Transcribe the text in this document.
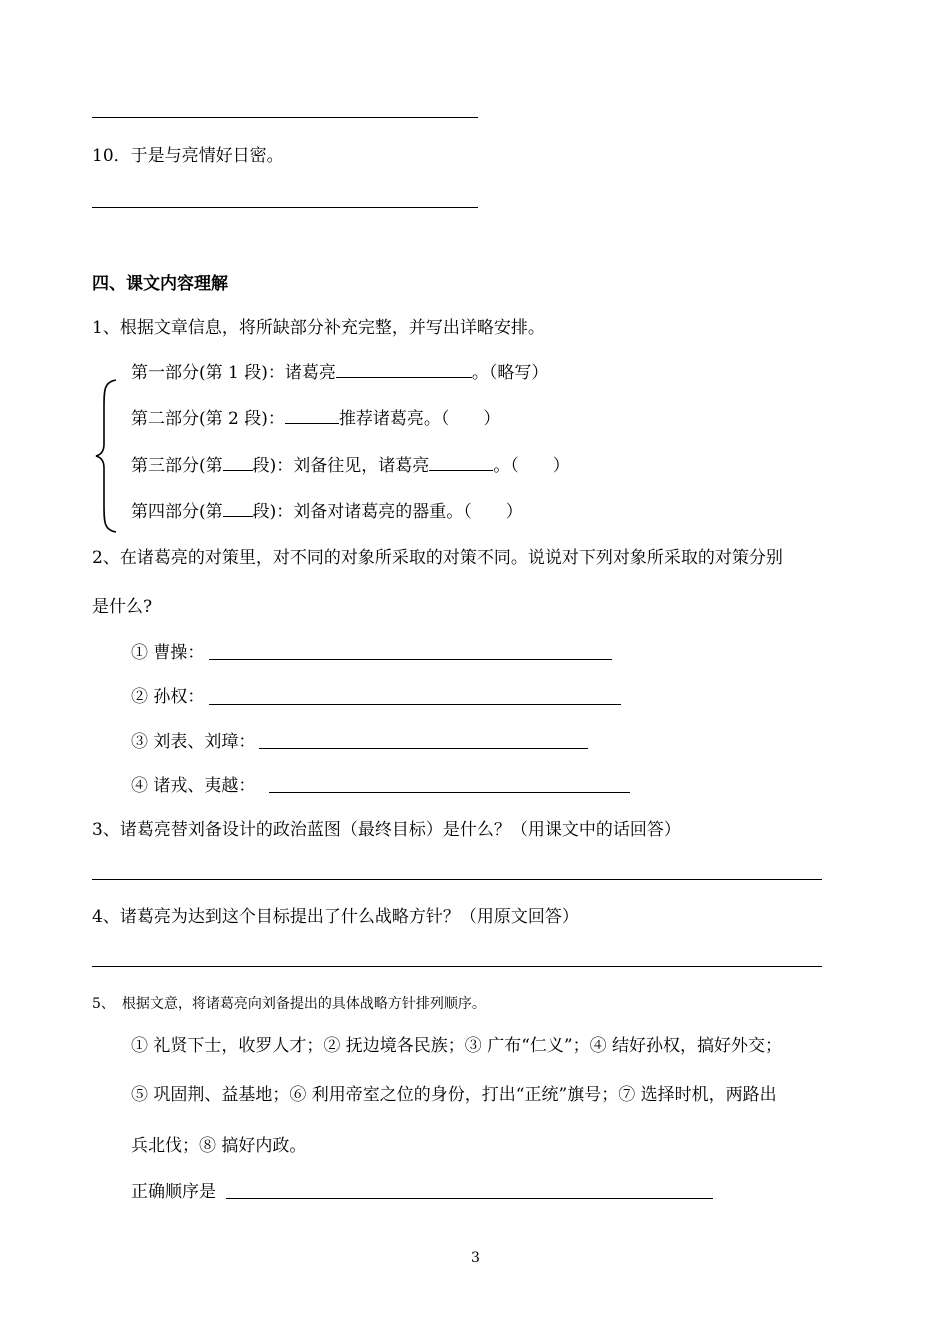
10．于是与亮情好日密。
四、课文内容理解
1、根据文章信息，将所缺部分补充完整，并写出详略安排。
第一部分(第 1 段)：诸葛亮	。（略写）
第二部分(第 2 段)：	推荐诸葛亮。（　　）
第三部分(第 段)：刘备往见，诸葛亮	。（　　）
第四部分(第 段)：刘备对诸葛亮的器重。（　　）
2、在诸葛亮的对策里，对不同的对象所采取的对策不同。说说对下列对象所采取的对策分别
是什么?
① 曹操：
② 孙权：
③ 刘表、刘璋：
④ 诸戎、夷越：
3、诸葛亮替刘备设计的政治蓝图（最终目标）是什么？（用课文中的话回答）
4、诸葛亮为达到这个目标提出了什么战略方针？（用原文回答）
5、　根据文意，将诸葛亮向刘备提出的具体战略方针排列顺序。
① 礼贤下士，收罗人才；② 抚边境各民族；③ 广布“仁义”；④ 结好孙权，搞好外交；
⑤ 巩固荆、益基地；⑥ 利用帝室之位的身份，打出“正统”旗号；⑦ 选择时机，两路出
兵北伐；⑧ 搞好内政。
正确顺序是
3
